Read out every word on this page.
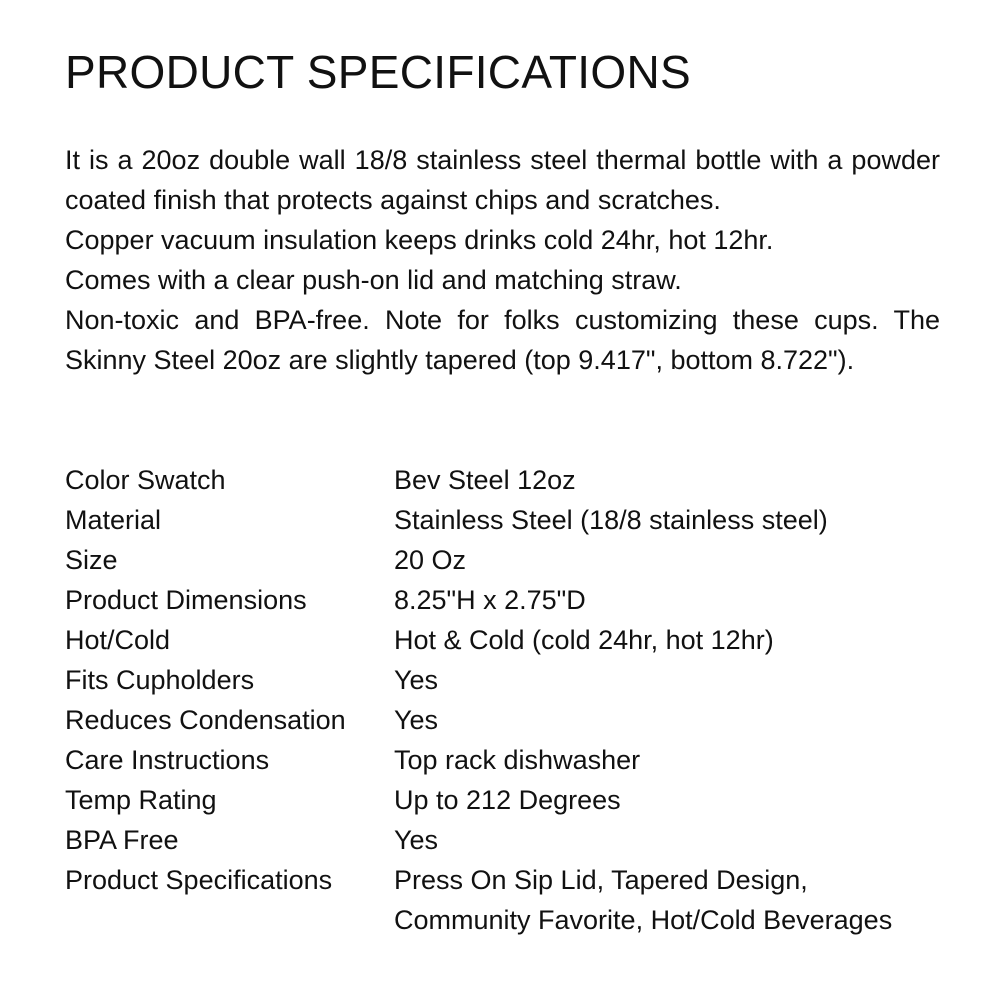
PRODUCT SPECIFICATIONS

It is a 20oz double wall 18/8 stainless steel thermal bottle with a powder coated finish that protects against chips and scratches.

Copper vacuum insulation keeps drinks cold 24hr, hot 12hr.

Comes with a clear push-on lid and matching straw.

Non-toxic and BPA-free. Note for folks customizing these cups. The Skinny Steel 20oz are slightly tapered (top 9.417", bottom 8.722").

Color Swatch	Bev Steel 12oz
Material	Stainless Steel (18/8 stainless steel)
Size	20 Oz
Product Dimensions	8.25"H x 2.75"D
Hot/Cold	Hot & Cold (cold 24hr, hot 12hr)
Fits Cupholders	Yes
Reduces Condensation	Yes
Care Instructions	Top rack dishwasher
Temp Rating	Up to 212 Degrees
BPA Free	Yes
Product Specifications	Press On Sip Lid, Tapered Design,
Community Favorite, Hot/Cold Beverages
